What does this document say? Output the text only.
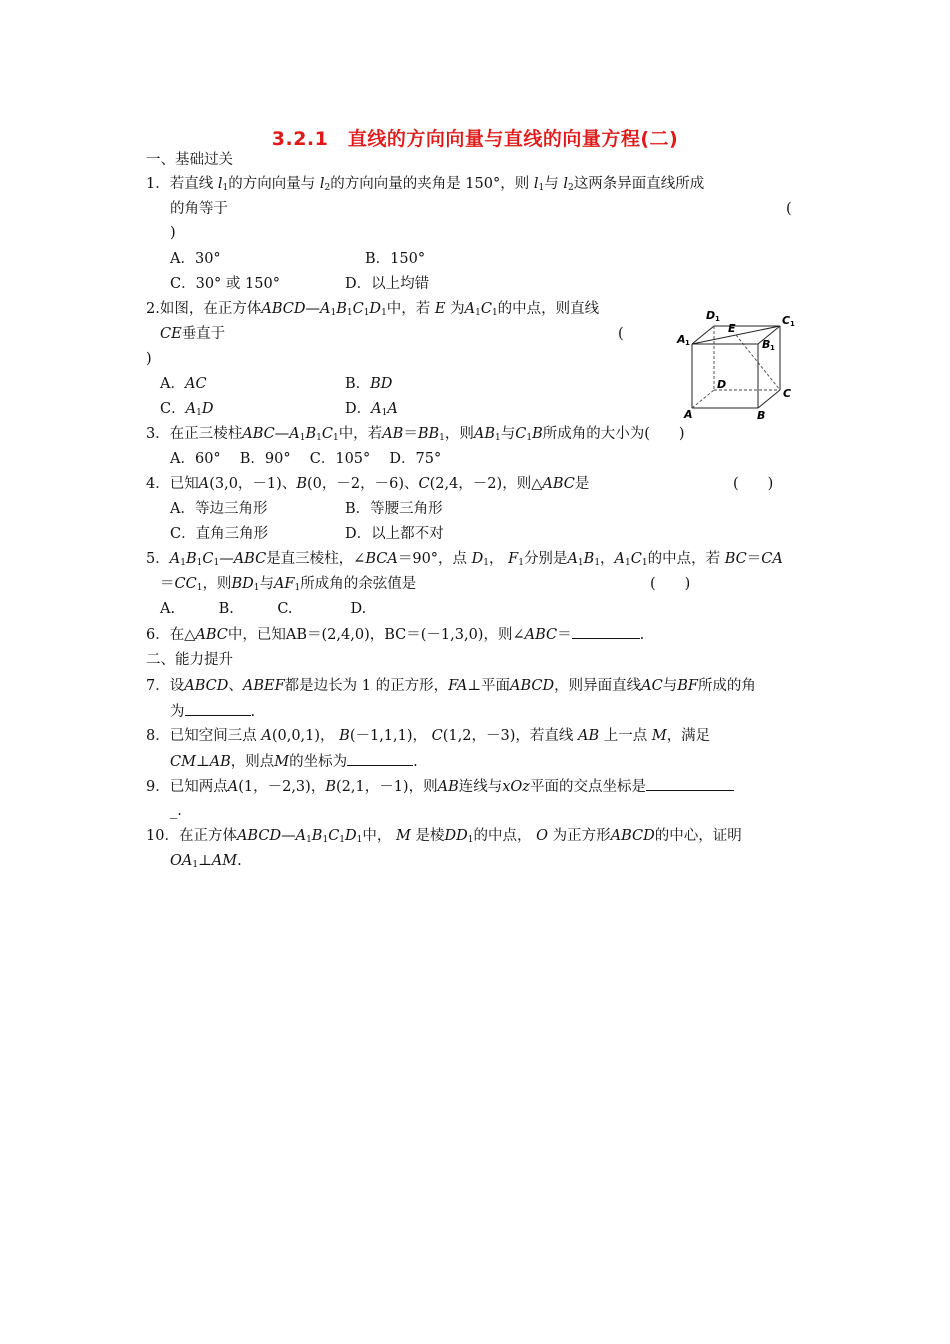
3.2.1　直线的方向向量与直线的向量方程(二)
一、基础过关
1．若直线 $l_1$的方向向量与 $l_2$的方向向量的夹角是 150°，则 $l_1$与 $l_2$这两条异面直线所成
的角等于	(
)
A．30°	B．150°
C．30° 或 150°	D．以上均错
2.如图，在正方体$ABCD—A_1B_1C_1D_1$中，若 E 为$A_1C_1$的中点，则直线
CE垂直于	(
)
A．AC	B．BD
C．$A_1D$	D．$A_1A$
D 1
E
C 1
A 1	B 1
D
C
A	B
3．在正三棱柱$ABC—A_1B_1C_1$中，若$AB=BB_1$，则$AB_1$与$C_1B$所成角的大小为(　　)
A．60°　 B．90°　 C．105°　 D．75°
4．已知A(3,0，－1)、B(0，－2，－6)、C(2,4，－2)，则△ABC是	(　　)
A．等边三角形	B．等腰三角形
C．直角三角形	D．以上都不对
5．$A_1B_1C_1—ABC$是直三棱柱，∠BCA＝90°，点 $D_1$， $F_1$分别是$A_1B_1$，$A_1C_1$的中点，若 BC＝CA
$=CC_1$，则$BD_1$与$AF_1$所成角的余弦值是	(　　)
A.　　　B.　　　C.　　　　D.
6．在△ABC中，已知AB＝(2,4,0)，BC＝(－1,3,0)，则∠ABC＝	.
二、能力提升
7．设ABCD、ABEF都是边长为 1 的正方形，FA⊥平面ABCD，则异面直线AC与BF所成的角
为	.
8．已知空间三点 A(0,0,1)， B(－1,1,1)， C(1,2，－3)，若直线 AB 上一点 M，满足
CM⊥AB，则点M的坐标为	.
9．已知两点A(1，－2,3)，B(2,1，－1)，则AB连线与xOz平面的交点坐标是
_.
10．在正方体$ABCD—A_1B_1C_1D_1$中， M 是棱$DD_1$的中点， O 为正方形ABCD的中心，证明
$OA_1\perp AM$.
